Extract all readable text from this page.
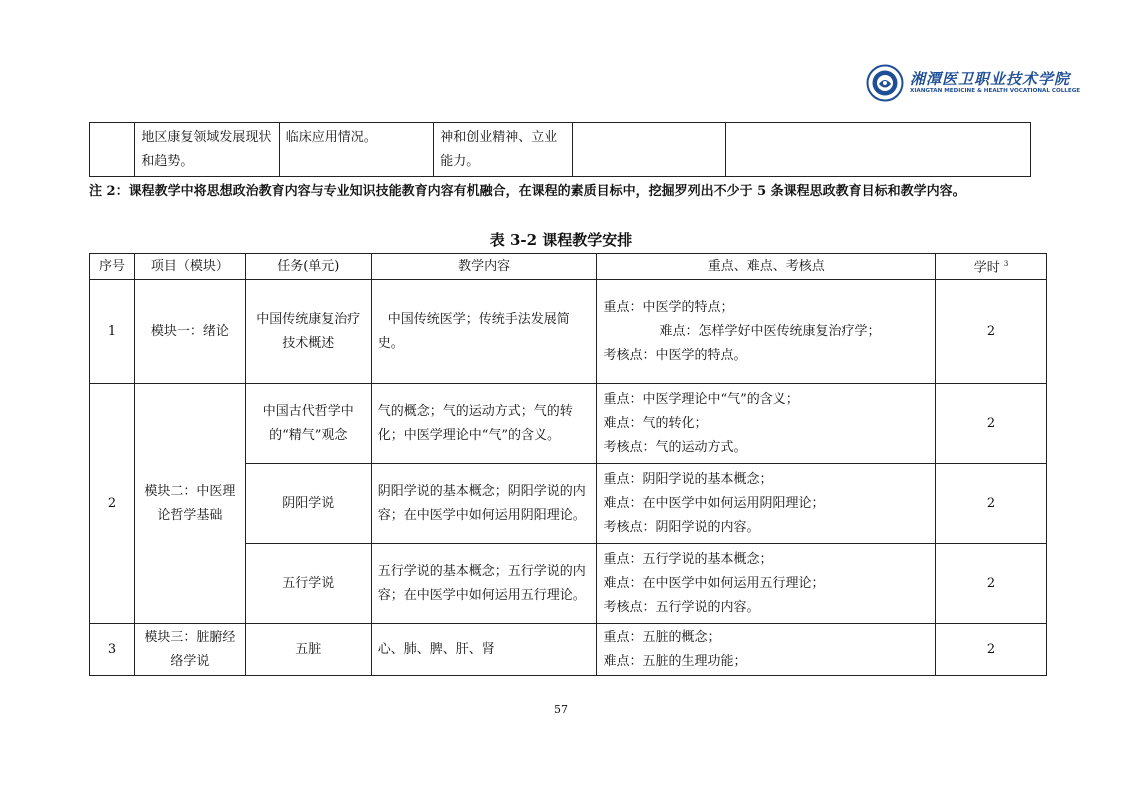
湘潭医卫职业技术学院
XIANGTAN MEDICINE & HEALTH VOCATIONAL COLLEGE
	地区康复领域发展现状和趋势。	临床应用情况。	神和创业精神、立业能力。		
注 2：课程教学中将思想政治教育内容与专业知识技能教育内容有机融合，在课程的素质目标中，挖掘罗列出不少于 5 条课程思政教育目标和教学内容。
表 3-2 课程教学安排
序号	项目（模块）	任务(单元)	教学内容	重点、难点、考核点	学时 $^3$
1	模块一：绪论	中国传统康复治疗技术概述	中国传统医学；传统手法发展简史。	重点：中医学的特点；
难点：怎样学好中医传统康复治疗学；
考核点：中医学的特点。	2
2	模块二：中医理论哲学基础	中国古代哲学中的“精气”观念	气的概念；气的运动方式；气的转化；中医学理论中“气”的含义。	重点：中医学理论中“气”的含义；
难点：气的转化；
考核点：气的运动方式。	2
		阴阳学说	阴阳学说的基本概念；阴阳学说的内容；在中医学中如何运用阴阳理论。	重点：阴阳学说的基本概念；
难点：在中医学中如何运用阴阳理论；
考核点：阴阳学说的内容。	2
		五行学说	五行学说的基本概念；五行学说的内容；在中医学中如何运用五行理论。	重点：五行学说的基本概念；
难点：在中医学中如何运用五行理论；
考核点：五行学说的内容。	2
3	模块三：脏腑经络学说	五脏	心、肺、脾、肝、肾	重点：五脏的概念；
难点：五脏的生理功能；	2
57
